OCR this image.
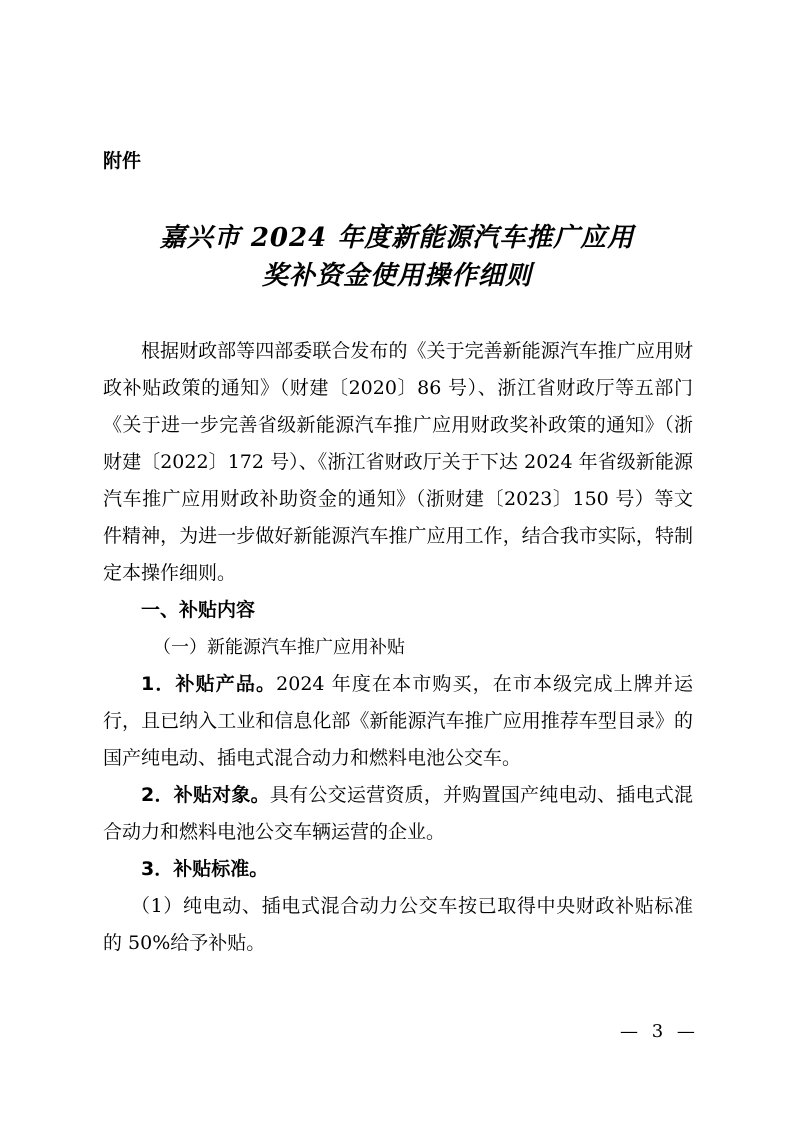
附件

嘉兴市 2024 年度新能源汽车推广应用
奖补资金使用操作细则

根据财政部等四部委联合发布的《关于完善新能源汽车推广应用财政补贴政策的通知》（财建〔2020〕86 号）、浙江省财政厅等五部门《关于进一步完善省级新能源汽车推广应用财政奖补政策的通知》（浙财建〔2022〕172 号）、《浙江省财政厅关于下达 2024 年省级新能源汽车推广应用财政补助资金的通知》（浙财建〔2023〕150 号）等文件精神，为进一步做好新能源汽车推广应用工作，结合我市实际，特制定本操作细则。

一、补贴内容

（一）新能源汽车推广应用补贴

1．补贴产品。2024 年度在本市购买，在市本级完成上牌并运行，且已纳入工业和信息化部《新能源汽车推广应用推荐车型目录》的国产纯电动、插电式混合动力和燃料电池公交车。

2．补贴对象。具有公交运营资质，并购置国产纯电动、插电式混合动力和燃料电池公交车辆运营的企业。

3．补贴标准。

（1）纯电动、插电式混合动力公交车按已取得中央财政补贴标准的 50%给予补贴。

— 3 —
